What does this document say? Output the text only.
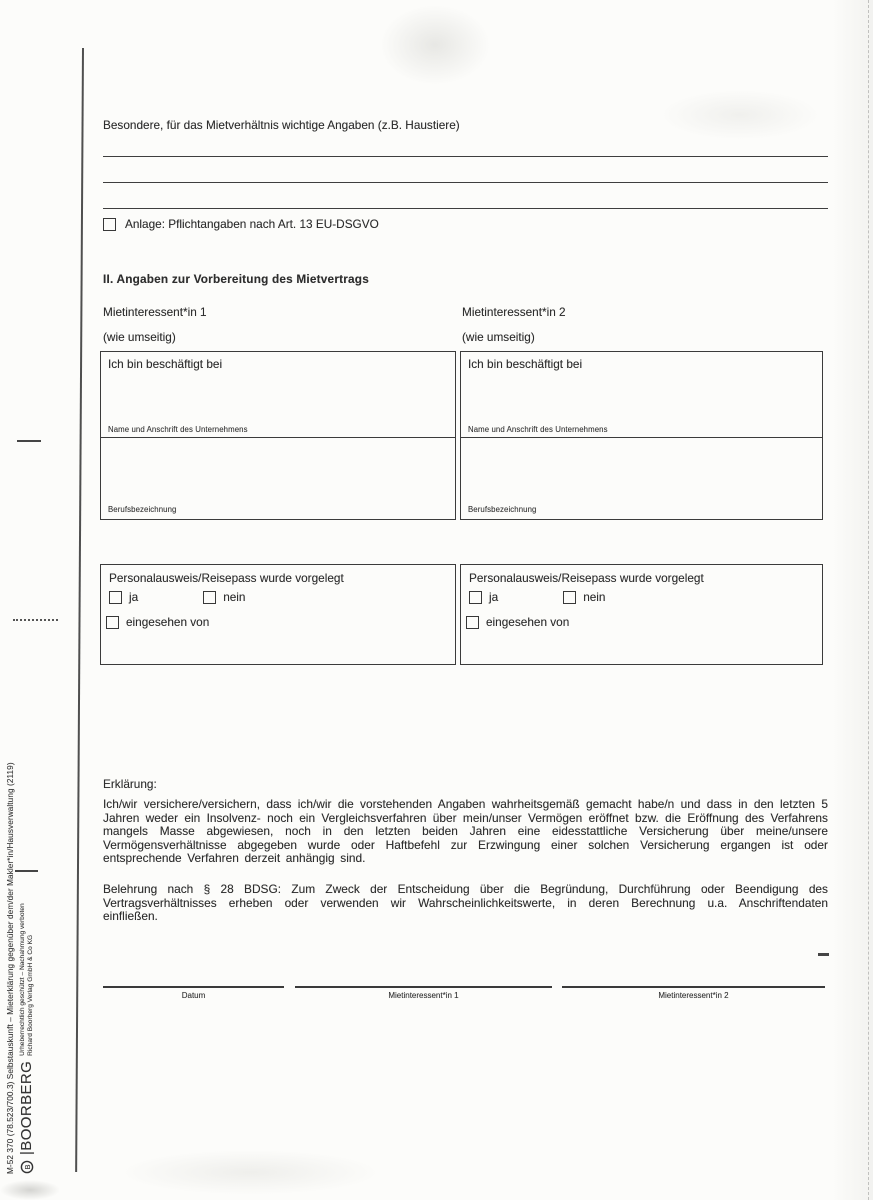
Besondere, für das Mietverhältnis wichtige Angaben (z.B. Haustiere)
Anlage: Pflichtangaben nach Art. 13 EU-DSGVO
II. Angaben zur Vorbereitung des Mietvertrags
Mietinteressent*in 1	Mietinteressent*in 2
(wie umseitig)	(wie umseitig)
Ich bin beschäftigt bei
Name und Anschrift des Unternehmens
Berufsbezeichnung
Ich bin beschäftigt bei
Name und Anschrift des Unternehmens
Berufsbezeichnung
Personalausweis/Reisepass wurde vorgelegt
ja	nein
eingesehen von
Personalausweis/Reisepass wurde vorgelegt
ja	nein
eingesehen von
Erklärung:
Ich/wir versichere/versichern, dass ich/wir die vorstehenden Angaben wahrheitsgemäß gemacht habe/n und dass in den letzten 5 Jahren weder ein Insolvenz- noch ein Vergleichsverfahren über mein/unser Vermögen eröffnet bzw. die Eröffnung des Verfahrens mangels Masse abgewiesen, noch in den letzten beiden Jahren eine eidesstattliche Versicherung über meine/unsere Vermögensverhältnisse abgegeben wurde oder Haftbefehl zur Erzwingung einer solchen Versicherung ergangen ist oder entsprechende Verfahren derzeit anhängig sind.
Belehrung nach § 28 BDSG: Zum Zweck der Entscheidung über die Begründung, Durchführung oder Beendigung des Vertragsverhältnisses erheben oder verwenden wir Wahrscheinlichkeitswerte, in deren Berechnung u.a. Anschriftendaten einfließen.
Datum	Mietinteressent*in 1	Mietinteressent*in 2
M-52 370 (78.523/700.3) Selbstauskunft – Mieterklärung gegenüber dem/der Makler*in/Hausverwaltung (2119) B
|BOORBERG
Urheberrechtlich geschützt – Nachahmung verboten Richard Boorberg Verlag GmbH & Co KG
